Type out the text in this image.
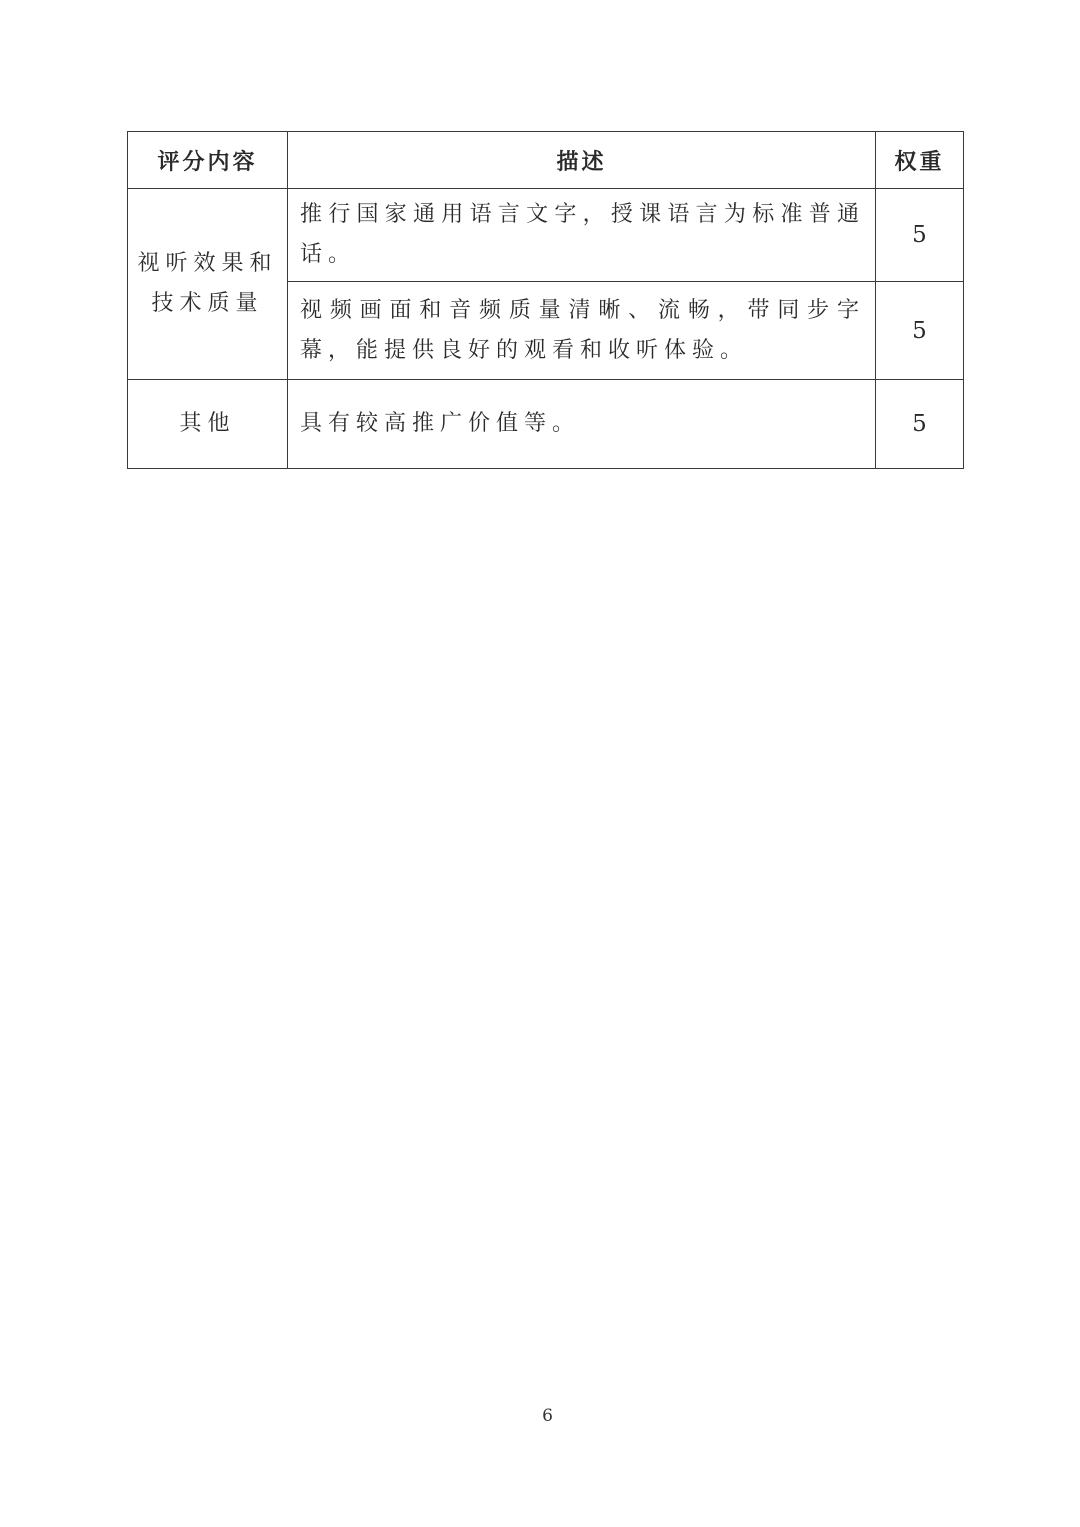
评分内容	描述	权重
视听效果和技术质量	推行国家通用语言文字，授课语言为标准普通话。	5
	视频画面和音频质量清晰、流畅，带同步字幕，能提供良好的观看和收听体验。	5
其他	具有较高推广价值等。	5
6
